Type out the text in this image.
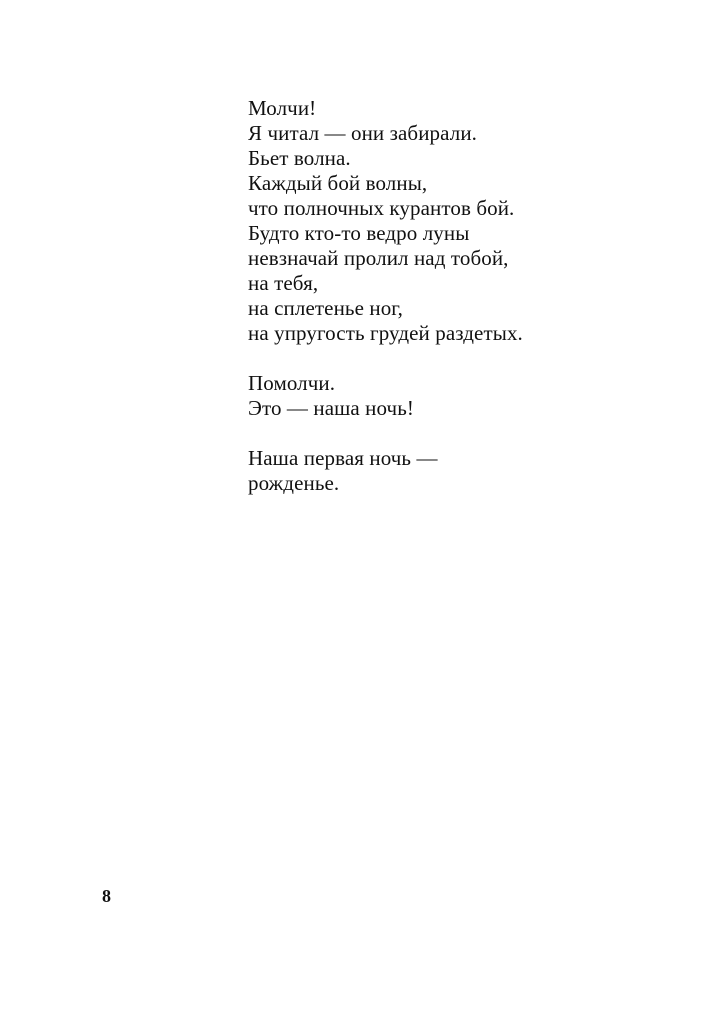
Молчи!
Я читал — они забирали.
Бьет волна.
Каждый бой волны,
что полночных курантов бой.
Будто кто-то ведро луны
невзначай пролил над тобой,
на тебя,
на сплетенье ног,
на упругость грудей раздетых.
Помолчи.
Это — наша ночь!
Наша первая ночь —
рожденье.
8
